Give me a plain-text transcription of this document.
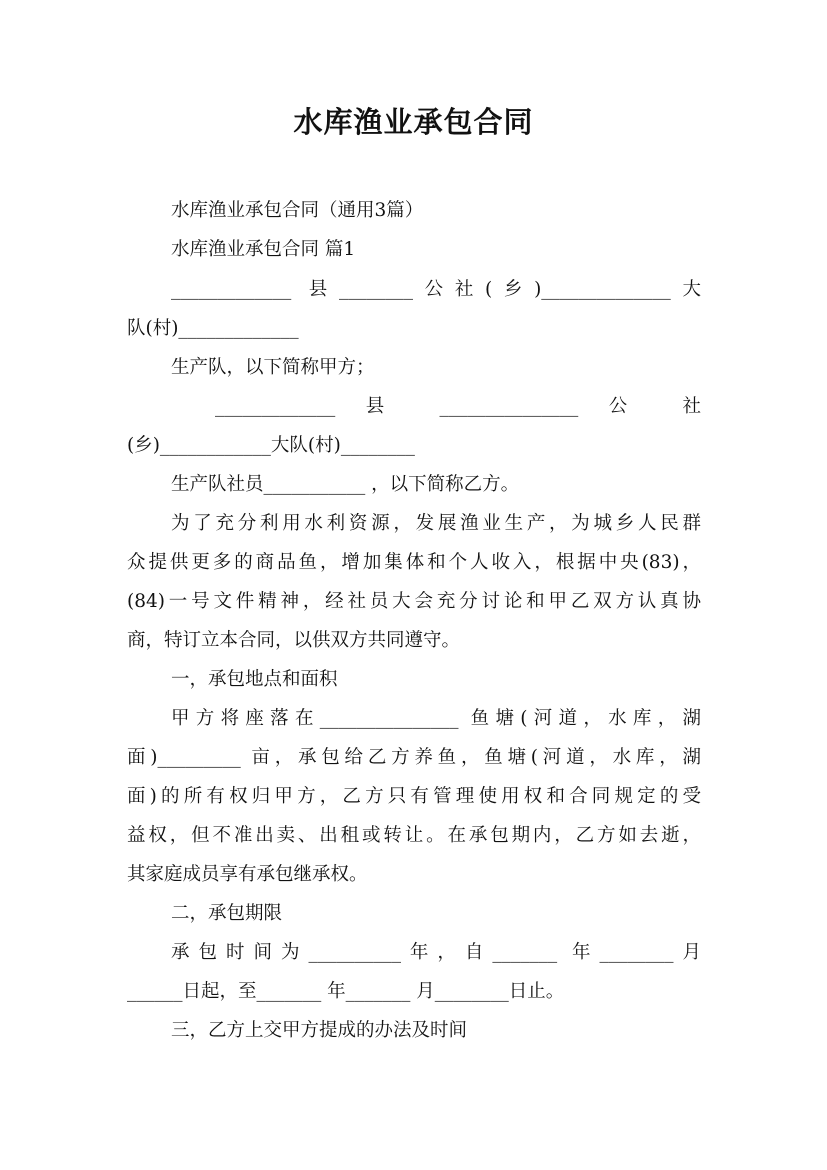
水库渔业承包合同
水库渔业承包合同（通用3篇）
水库渔业承包合同 篇1
_____________ 县________公社(乡)______________大
队(村)_____________
生产队，以下简称甲方；
_____________ 县 _______________ 公 社
(乡)____________大队(村)________
生产队社员___________ ，以下简称乙方。
为了充分利用水利资源，发展渔业生产，为城乡人民群
众提供更多的商品鱼，增加集体和个人收入，根据中央(83)，
(84)一号文件精神，经社员大会充分讨论和甲乙双方认真协
商，特订立本合同，以供双方共同遵守。
一，承包地点和面积
甲方将座落在_______________ 鱼塘(河道，水库，湖
面)_________ 亩，承包给乙方养鱼，鱼塘(河道，水库，湖
面)的所有权归甲方，乙方只有管理使用权和合同规定的受
益权，但不准出卖、出租或转让。在承包期内，乙方如去逝，
其家庭成员享有承包继承权。
二，承包期限
承包时间为__________年，自_______ 年________月
______日起，至_______ 年_______ 月________日止。
三，乙方上交甲方提成的办法及时间
